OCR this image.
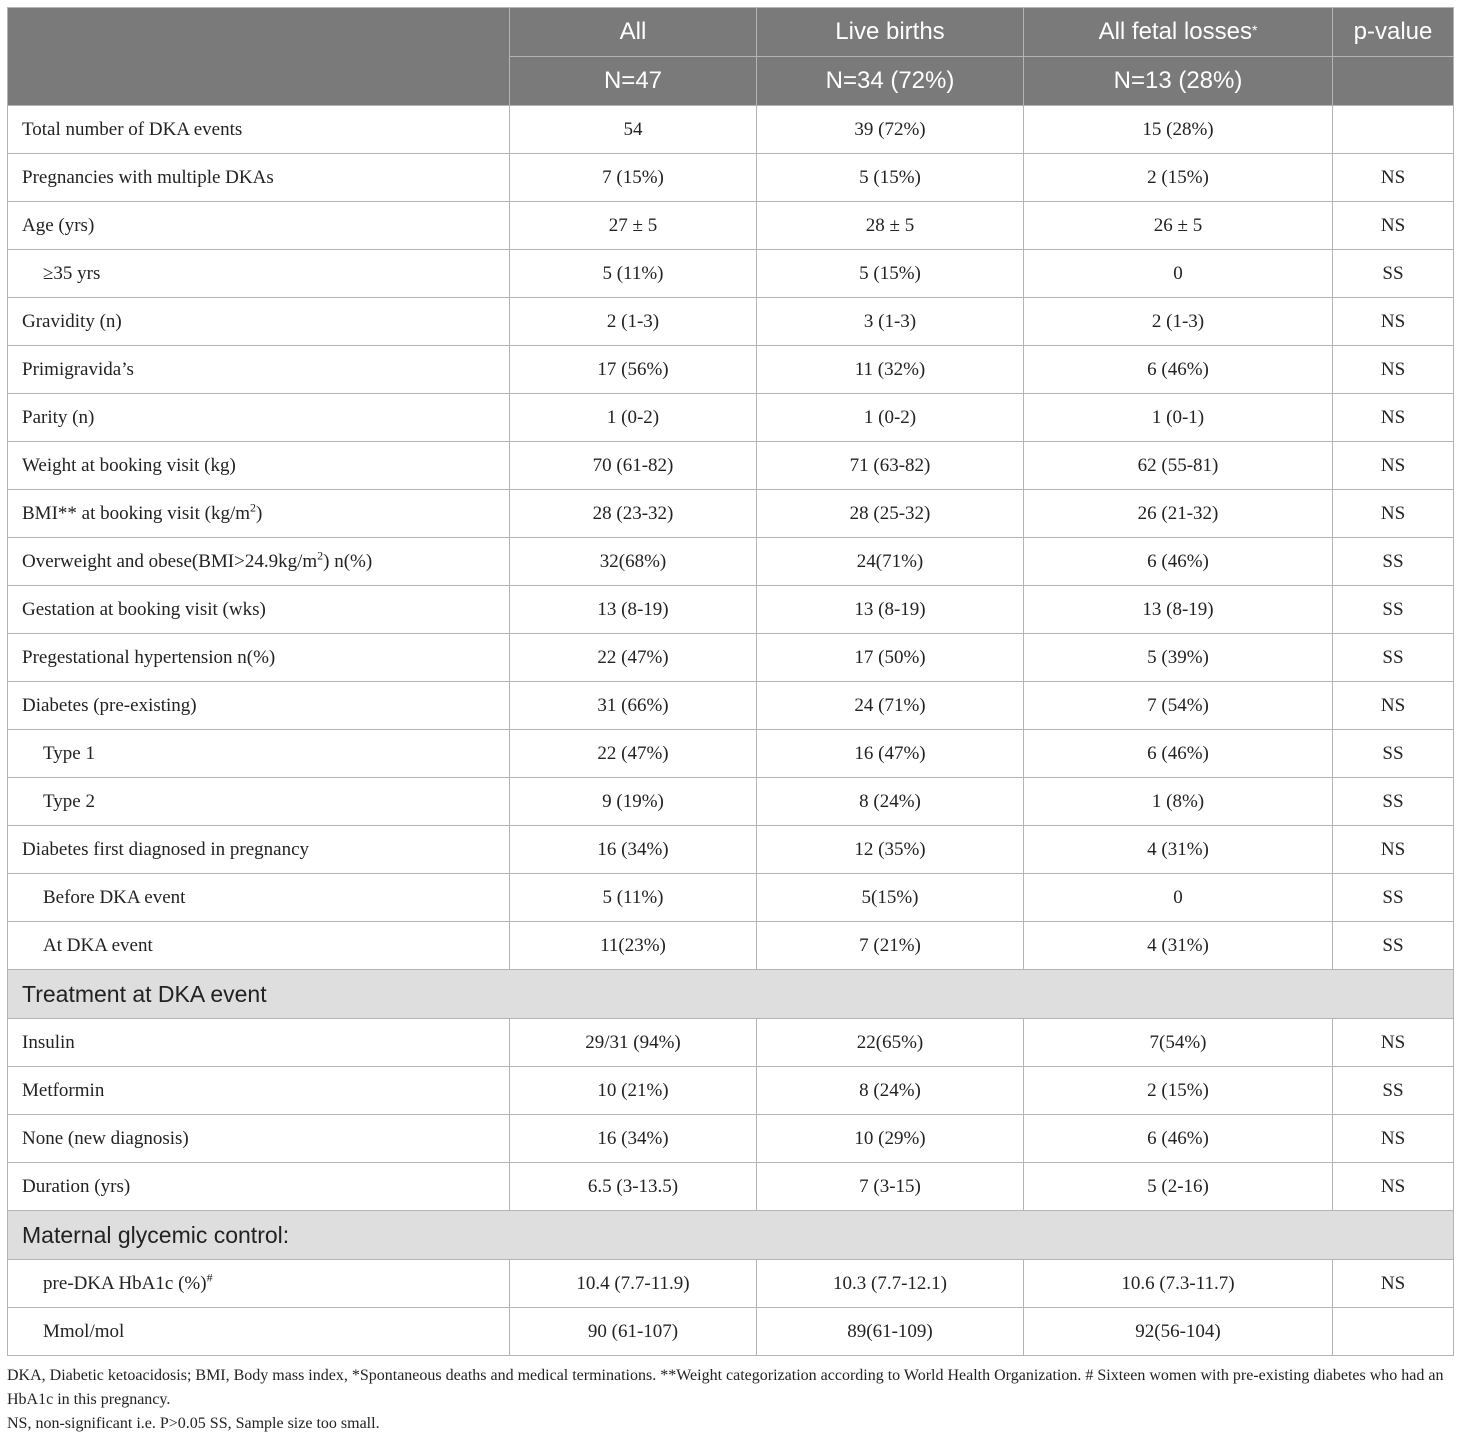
	All	Live births	All fetal losses*	p-value
	N=47	N=34 (72%)	N=13 (28%)	
Total number of DKA events	54	39 (72%)	15 (28%)	
Pregnancies with multiple DKAs	7 (15%)	5 (15%)	2 (15%)	NS
Age (yrs)	27 ± 5	28 ± 5	26 ± 5	NS
≥35 yrs	5 (11%)	5 (15%)	0	SS
Gravidity (n)	2 (1-3)	3 (1-3)	2 (1-3)	NS
Primigravida’s	17 (56%)	11 (32%)	6 (46%)	NS
Parity (n)	1 (0-2)	1 (0-2)	1 (0-1)	NS
Weight at booking visit (kg)	70 (61-82)	71 (63-82)	62 (55-81)	NS
BMI** at booking visit $(kg/m^2)$	28 (23-32)	28 (25-32)	26 (21-32)	NS
Overweight and $obese(BMI>24.9kg/m^2)$ n(%)	32(68%)	24(71%)	6 (46%)	SS
Gestation at booking visit (wks)	13 (8-19)	13 (8-19)	13 (8-19)	SS
Pregestational hypertension n(%)	22 (47%)	17 (50%)	5 (39%)	SS
Diabetes (pre-existing)	31 (66%)	24 (71%)	7 (54%)	NS
Type 1	22 (47%)	16 (47%)	6 (46%)	SS
Type 2	9 (19%)	8 (24%)	1 (8%)	SS
Diabetes first diagnosed in pregnancy	16 (34%)	12 (35%)	4 (31%)	NS
Before DKA event	5 (11%)	5(15%)	0	SS
At DKA event	11(23%)	7 (21%)	4 (31%)	SS
Treatment at DKA event				
Insulin	29/31 (94%)	22(65%)	7(54%)	NS
Metformin	10 (21%)	8 (24%)	2 (15%)	SS
None (new diagnosis)	16 (34%)	10 (29%)	6 (46%)	NS
Duration (yrs)	6.5 (3-13.5)	7 (3-15)	5 (2-16)	NS
Maternal glycemic control:				
pre-DKA HbA1c (%)#	10.4 (7.7-11.9)	10.3 (7.7-12.1)	10.6 (7.3-11.7)	NS
Mmol/mol	90 (61-107)	89(61-109)	92(56-104)	

DKA, Diabetic ketoacidosis; BMI, Body mass index, *Spontaneous deaths and medical terminations. **Weight categorization according to World Health Organization. # Sixteen women with pre-existing diabetes who had an HbA1c in this pregnancy.

NS, non-significant i.e. P>0.05 SS, Sample size too small.
